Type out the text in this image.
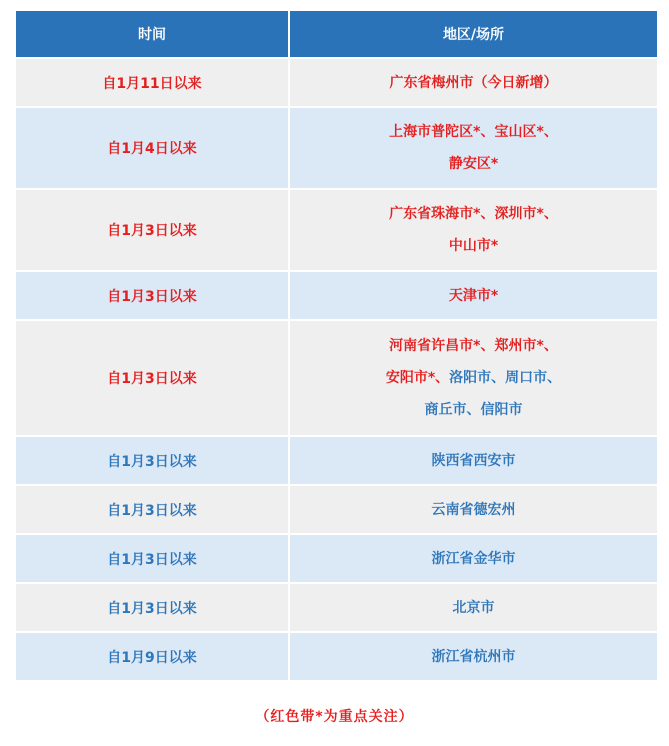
时间	地区/场所
自1月11日以来	广东省梅州市（今日新增）

自1月4日以来	上海市普陀区*、宝山区*、
静安区*

自1月3日以来	广东省珠海市*、深圳市*、
中山市*

自1月3日以来	天津市*

自1月3日以来	河南省许昌市*、郑州市*、
安阳市*、洛阳市、周口市、
商丘市、信阳市

自1月3日以来	陕西省西安市

自1月3日以来	云南省德宏州

自1月3日以来	浙江省金华市

自1月3日以来	北京市

自1月9日以来	浙江省杭州市
（红色带*为重点关注）
